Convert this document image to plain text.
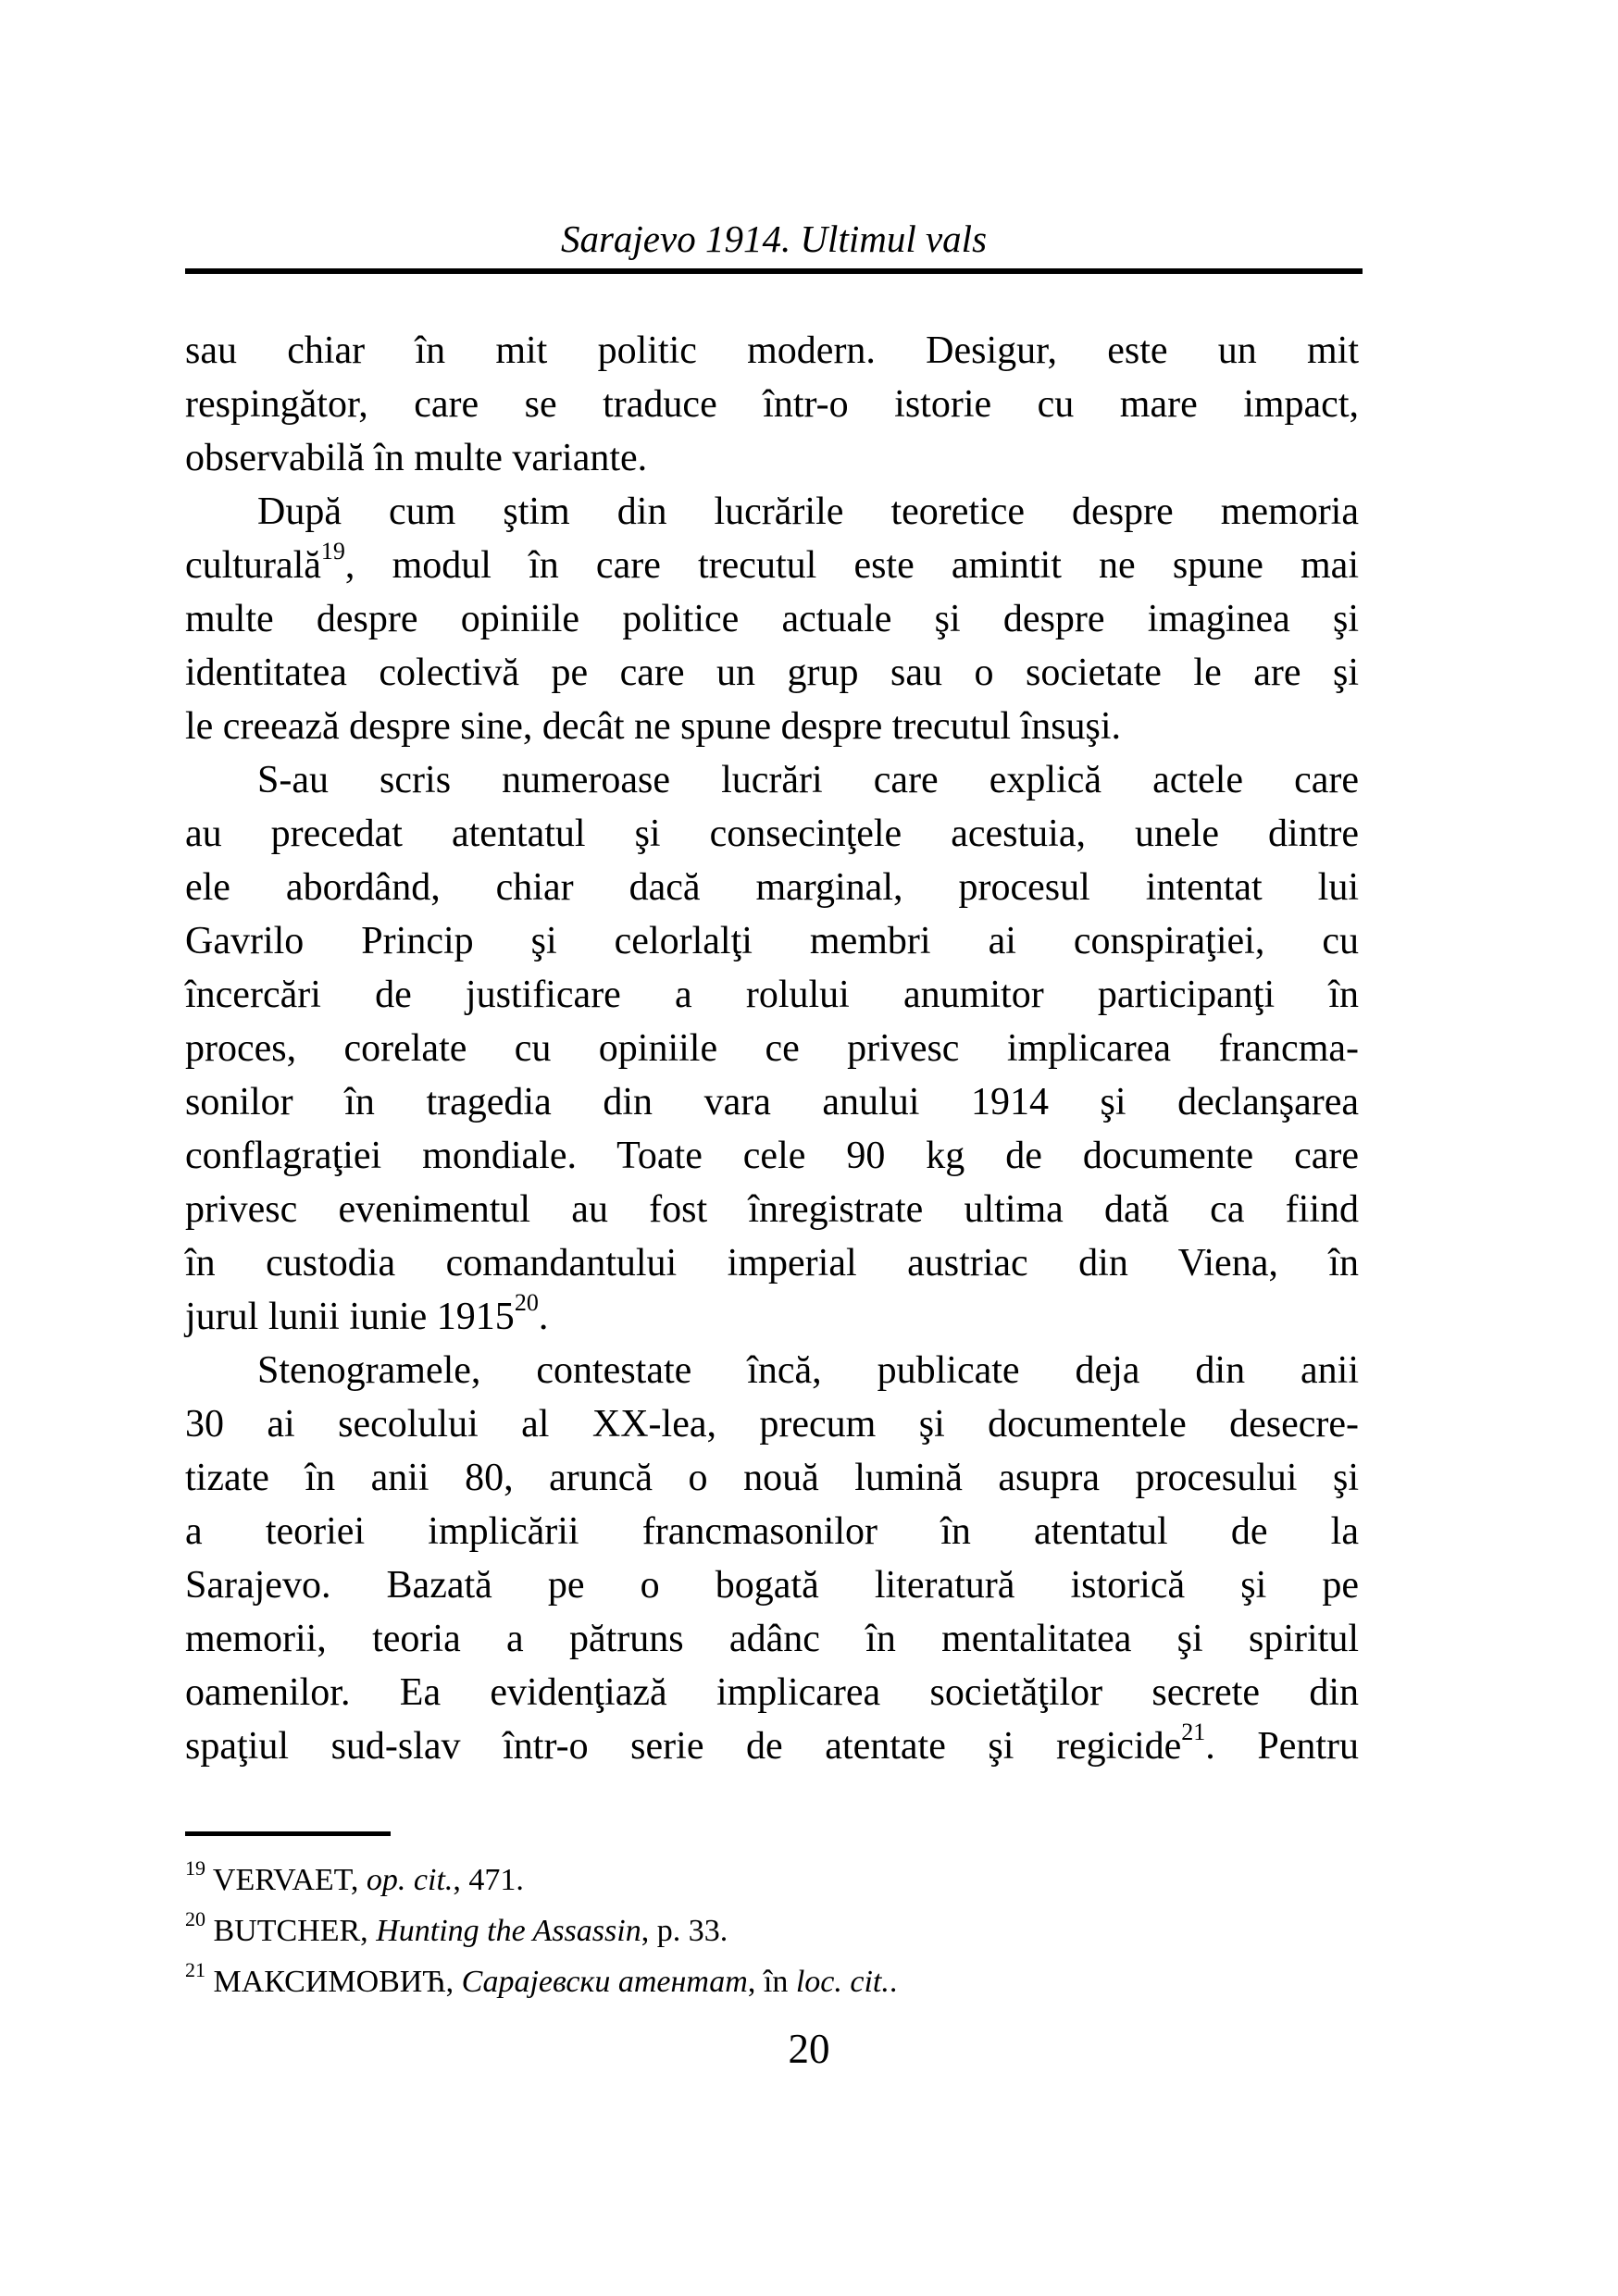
Sarajevo 1914. Ultimul vals
sau chiar în mit politic modern. Desigur, este un mit
respingător, care se traduce într-o istorie cu mare impact,
observabilă în multe variante.
După cum ştim din lucrările teoretice despre memoria
culturală$^{19}$, modul în care trecutul este amintit ne spune mai
multe despre opiniile politice actuale şi despre imaginea şi
identitatea colectivă pe care un grup sau o societate le are şi
le creează despre sine, decât ne spune despre trecutul însuşi.
S-au scris numeroase lucrări care explică actele care
au precedat atentatul şi consecinţele acestuia, unele dintre
ele abordând, chiar dacă marginal, procesul intentat lui
Gavrilo Princip şi celorlalţi membri ai conspiraţiei, cu
încercări de justificare a rolului anumitor participanţi în
proces, corelate cu opiniile ce privesc implicarea francma-
sonilor în tragedia din vara anului 1914 şi declanşarea
conflagraţiei mondiale. Toate cele 90 kg de documente care
privesc evenimentul au fost înregistrate ultima dată ca fiind
în custodia comandantului imperial austriac din Viena, în
jurul lunii iunie 1915$^{20}$.
Stenogramele, contestate încă, publicate deja din anii
30 ai secolului al XX-lea, precum şi documentele desecre-
tizate în anii 80, aruncă o nouă lumină asupra procesului şi
a teoriei implicării francmasonilor în atentatul de la
Sarajevo. Bazată pe o bogată literatură istorică şi pe
memorii, teoria a pătruns adânc în mentalitatea şi spiritul
oamenilor. Ea evidenţiază implicarea societăţilor secrete din
spaţiul sud-slav într-o serie de atentate şi regicide$^{21}$. Pentru
$^{19}$ VERVAET, op. cit., 471.
$^{20}$ BUTCHER, Hunting the Assassin, p. 33.
$^{21}$ МАКСИМОВИЋ, Сарајевски атентат, în loc. cit..
20
